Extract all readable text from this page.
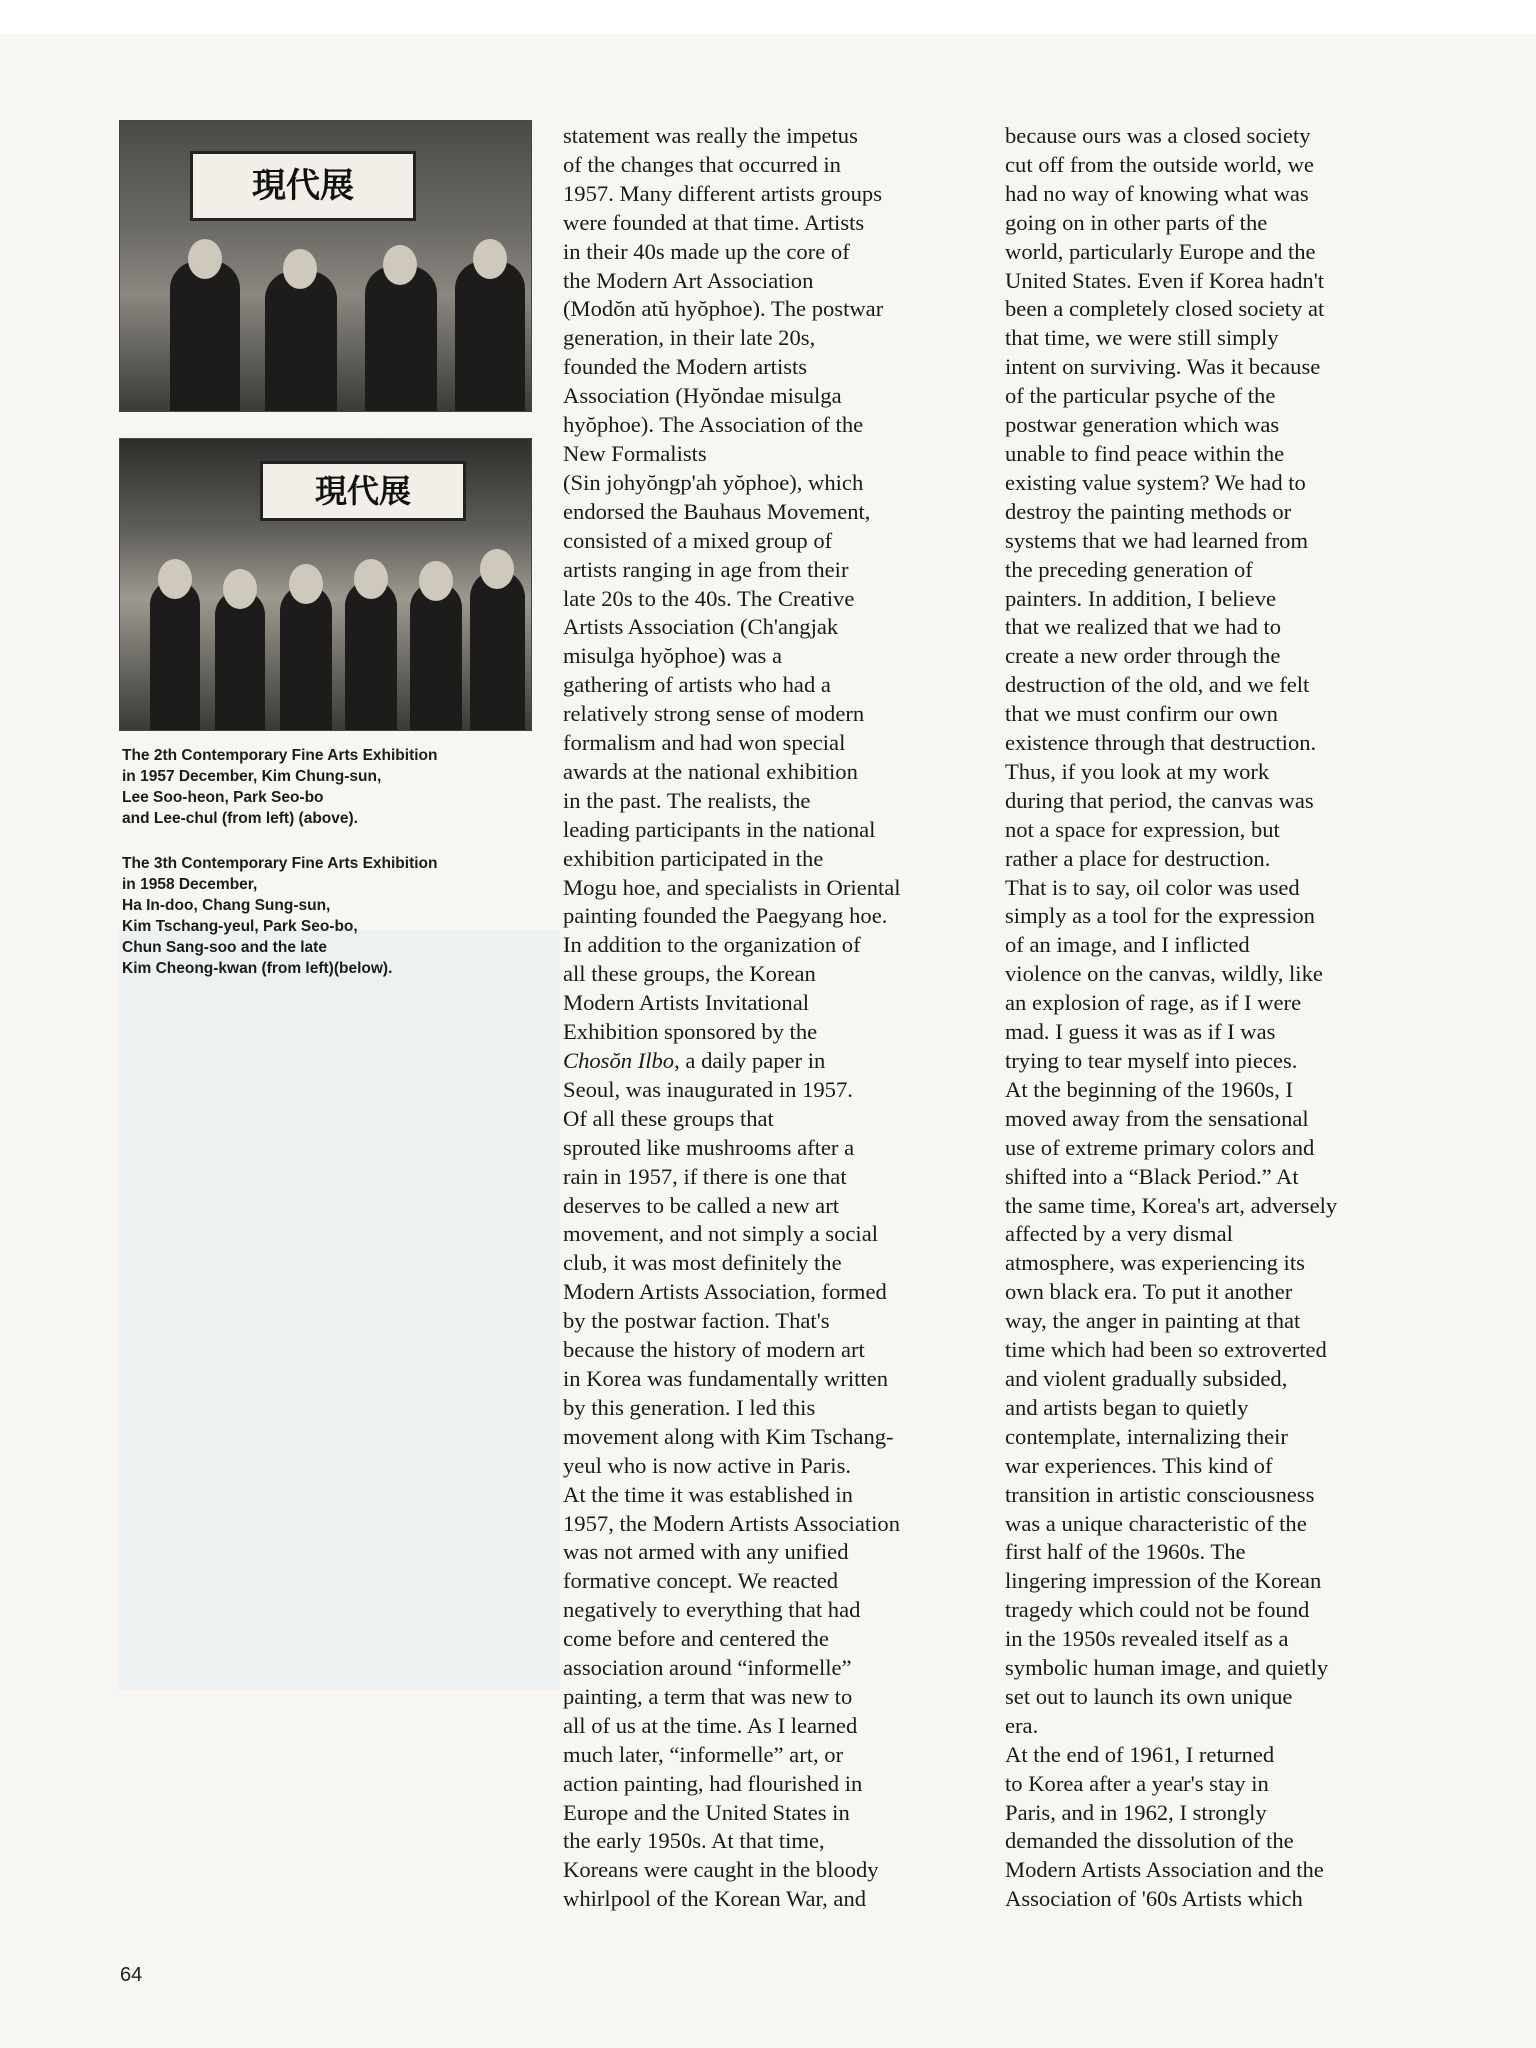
現代展
現代展
The 2th Contemporary Fine Arts Exhibition
in 1957 December, Kim Chung-sun,
Lee Soo-heon, Park Seo-bo
and Lee-chul (from left) (above).
The 3th Contemporary Fine Arts Exhibition
in 1958 December,
Ha In-doo, Chang Sung-sun,
Kim Tschang-yeul, Park Seo-bo,
Chun Sang-soo and the late
Kim Cheong-kwan (from left)(below).

statement was really the impetus
of the changes that occurred in
1957. Many different artists groups
were founded at that time. Artists
in their 40s made up the core of
the Modern Art Association
(Modŏn atŭ hyŏphoe). The postwar
generation, in their late 20s,
founded the Modern artists
Association (Hyŏndae misulga
hyŏphoe). The Association of the
New Formalists
(Sin johyŏngp'ah yŏphoe), which
endorsed the Bauhaus Movement,
consisted of a mixed group of
artists ranging in age from their
late 20s to the 40s. The Creative
Artists Association (Ch'angjak
misulga hyŏphoe) was a
gathering of artists who had a
relatively strong sense of modern
formalism and had won special
awards at the national exhibition
in the past. The realists, the
leading participants in the national
exhibition participated in the
Mogu hoe, and specialists in Oriental
painting founded the Paegyang hoe.
In addition to the organization of
all these groups, the Korean
Modern Artists Invitational
Exhibition sponsored by the
Chosŏn Ilbo, a daily paper in
Seoul, was inaugurated in 1957.

Of all these groups that
sprouted like mushrooms after a
rain in 1957, if there is one that
deserves to be called a new art
movement, and not simply a social
club, it was most definitely the
Modern Artists Association, formed
by the postwar faction. That's
because the history of modern art
in Korea was fundamentally written
by this generation. I led this
movement along with Kim Tschang-
yeul who is now active in Paris.
At the time it was established in
1957, the Modern Artists Association
was not armed with any unified
formative concept. We reacted
negatively to everything that had
come before and centered the
association around “informelle”
painting, a term that was new to
all of us at the time. As I learned
much later, “informelle” art, or
action painting, had flourished in
Europe and the United States in
the early 1950s. At that time,
Koreans were caught in the bloody
whirlpool of the Korean War, and

because ours was a closed society
cut off from the outside world, we
had no way of knowing what was
going on in other parts of the
world, particularly Europe and the
United States. Even if Korea hadn't
been a completely closed society at
that time, we were still simply
intent on surviving. Was it because
of the particular psyche of the
postwar generation which was
unable to find peace within the
existing value system? We had to
destroy the painting methods or
systems that we had learned from
the preceding generation of
painters. In addition, I believe
that we realized that we had to
create a new order through the
destruction of the old, and we felt
that we must confirm our own
existence through that destruction.

Thus, if you look at my work
during that period, the canvas was
not a space for expression, but
rather a place for destruction.
That is to say, oil color was used
simply as a tool for the expression
of an image, and I inflicted
violence on the canvas, wildly, like
an explosion of rage, as if I were
mad. I guess it was as if I was
trying to tear myself into pieces.

At the beginning of the 1960s, I
moved away from the sensational
use of extreme primary colors and
shifted into a “Black Period.” At
the same time, Korea's art, adversely
affected by a very dismal
atmosphere, was experiencing its
own black era. To put it another
way, the anger in painting at that
time which had been so extroverted
and violent gradually subsided,
and artists began to quietly
contemplate, internalizing their
war experiences. This kind of
transition in artistic consciousness
was a unique characteristic of the
first half of the 1960s. The
lingering impression of the Korean
tragedy which could not be found
in the 1950s revealed itself as a
symbolic human image, and quietly
set out to launch its own unique
era.

At the end of 1961, I returned
to Korea after a year's stay in
Paris, and in 1962, I strongly
demanded the dissolution of the
Modern Artists Association and the
Association of '60s Artists which

64
